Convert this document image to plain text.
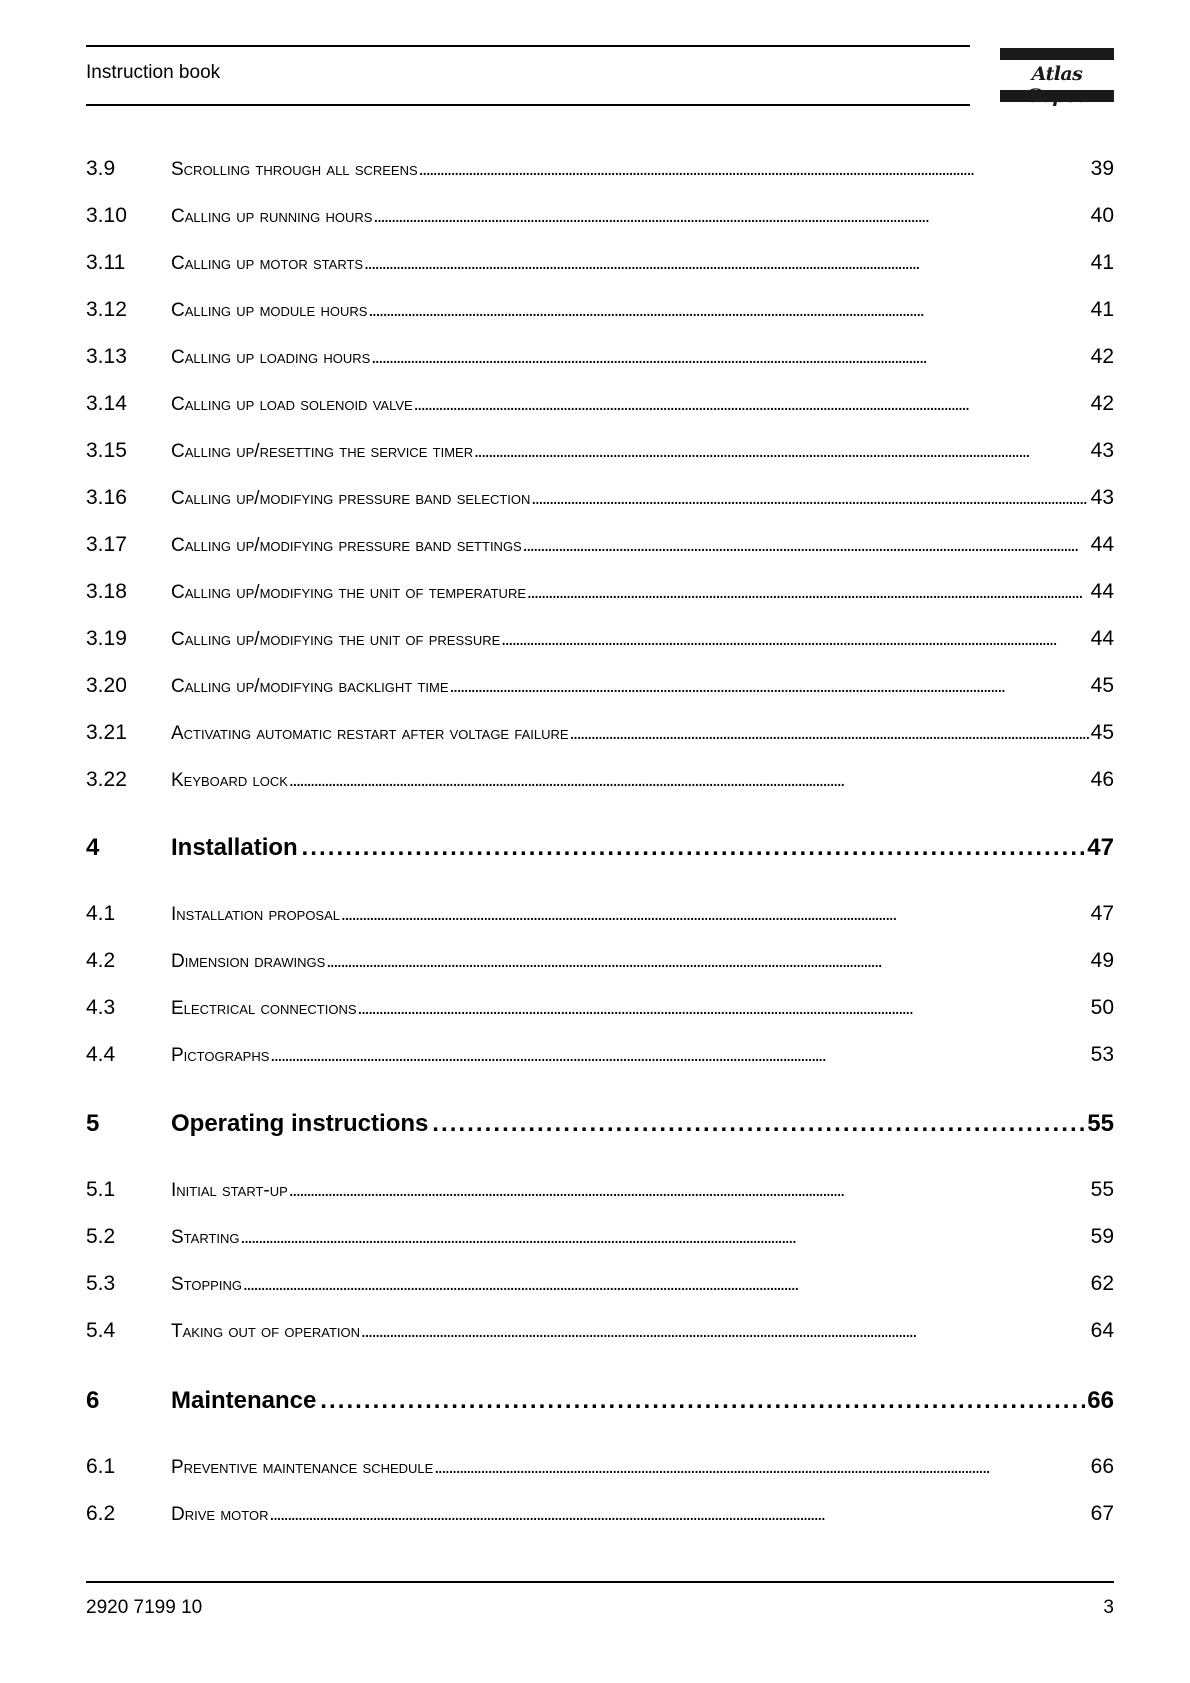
Instruction book	Atlas
3.9	Scrolling through all screens . . .	39
3.10	Calling up running hours . . .	40
3.11	Calling up motor starts . . .	41
3.12	Calling up module hours . . .	41
3.13	Calling up loading hours . . .	42
3.14	Calling up load solenoid valve . . .	42
3.15	Calling up/resetting the service timer . . .	43
3.16	Calling up/modifying pressure band selection . . .	43
3.17	Calling up/modifying pressure band settings . . .	44
3.18	Calling up/modifying the unit of temperature . . .	44
3.19	Calling up/modifying the unit of pressure . . .	44
3.20	Calling up/modifying backlight time . . .	45
3.21	Activating automatic restart after voltage failure . . .	45
3.22	Keyboard lock . . .	46
4	Installation . . .	47
4.1	Installation proposal . . .	47
4.2	Dimension drawings . . .	49
4.3	Electrical connections . . .	50
4.4	Pictographs . . .	53
5	Operating instructions . . .	55
5.1	Initial start-up . . .	55
5.2	Starting . . .	59
5.3	Stopping . . .	62
5.4	Taking out of operation . . .	64
6	Maintenance . . .	66
6.1	Preventive maintenance schedule . . .	66
6.2	Drive motor . . .	67
2920 7199 10	3
